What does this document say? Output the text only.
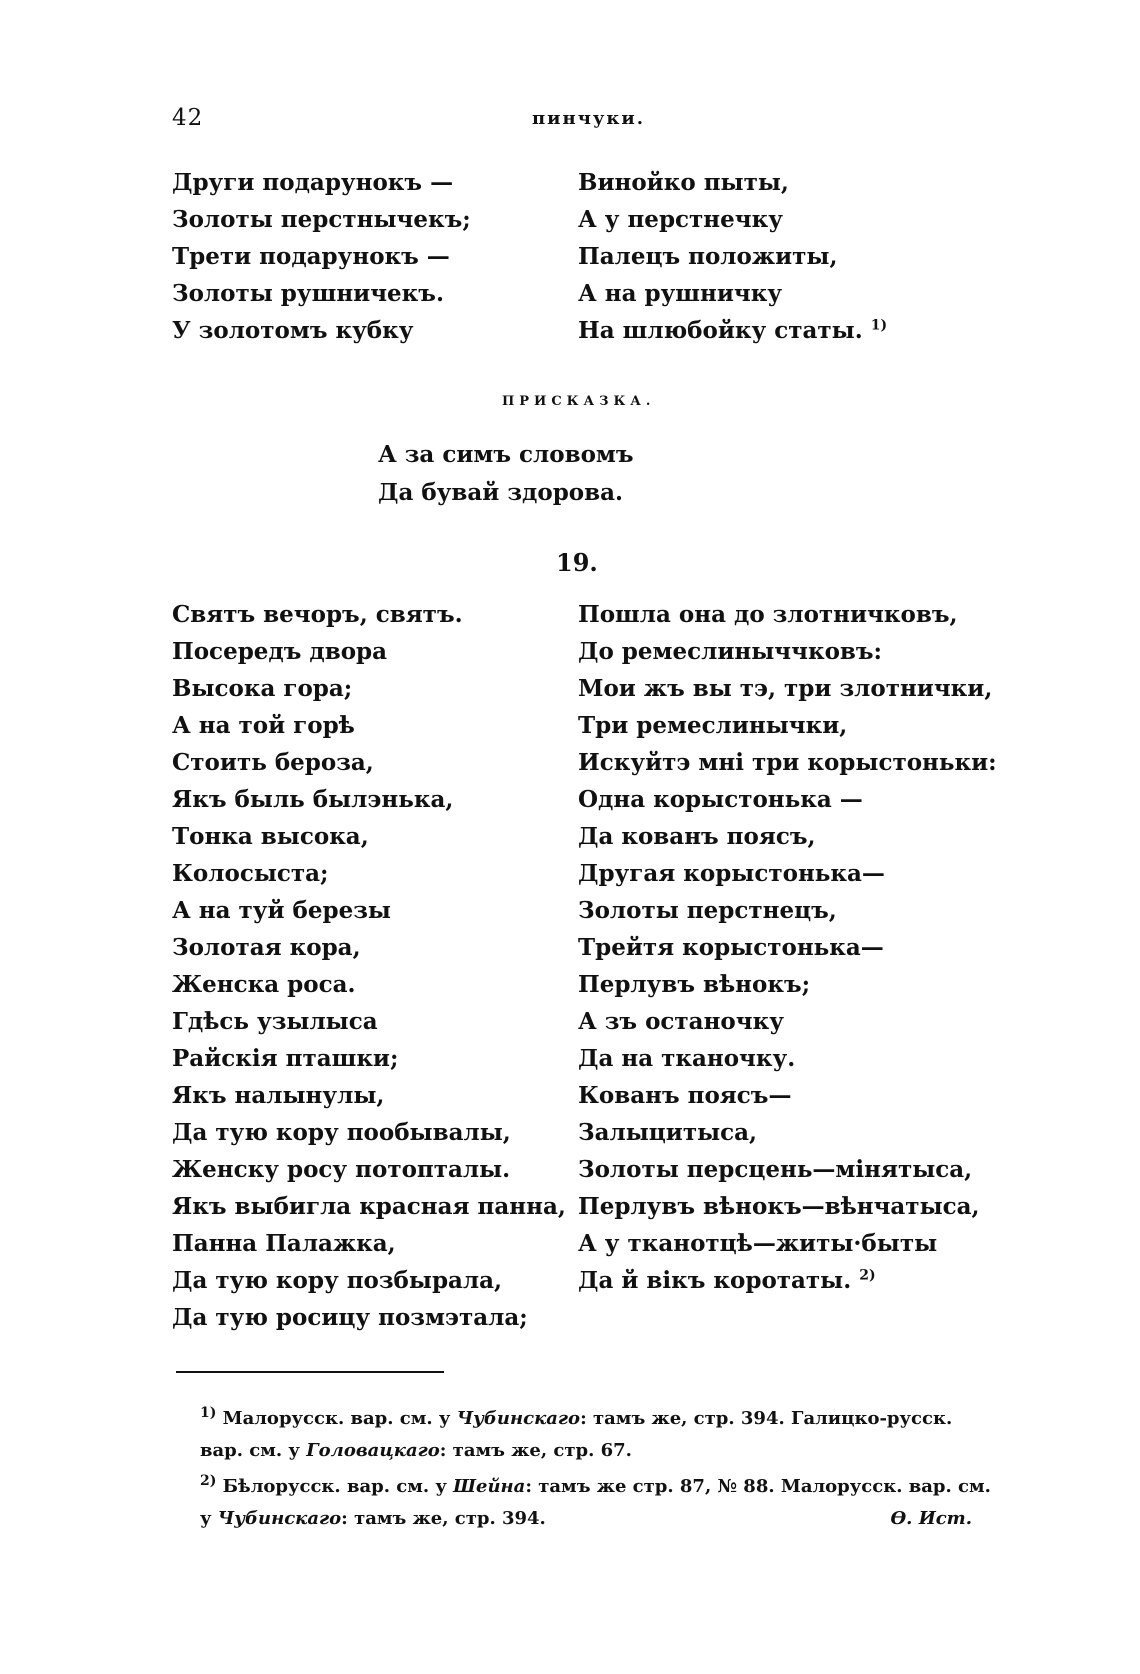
42	пинчуки.
Други подарунокъ —
Золоты перстнычекъ;
Трети подарунокъ —
Золоты рушничекъ.
У золотомъ кубку
Винойко пыты,
А у перстнечку
Палецъ положиты,
А на рушничку
На шлюбойку статы. $^{1)}$
ПРИСКАЗКА.
А за симъ словомъ
Да бувай здорова.
19.
Святъ вечоръ, святъ.
Посередъ двора
Высока гора;
А на той горѣ
Стоить бероза,
Якъ быль былэнька,
Тонка высока,
Колосыста;
А на туй березы
Золотая кора,
Женска роса.
Гдѣсь узылыса
Райскія пташки;
Якъ налынулы,
Да тую кору пообывалы,
Женску росу потопталы.
Якъ выбигла красная панна,
Панна Палажка,
Да тую кору позбырала,
Да тую росицу позмэтала;
Пошла она до злотничковъ,
До ремеслиныччковъ:
Мои жъ вы тэ, три злотнички,
Три ремеслинычки,
Искуйтэ мні три корыстоньки:
Одна корыстонька —
Да кованъ поясъ,
Другая корыстонька—
Золоты перстнецъ,
Трейтя корыстонька—
Перлувъ вѣнокъ;
А зъ останочку
Да на тканочку.
Кованъ поясъ—
Залыцитыса,
Золоты персцень—мінятыса,
Перлувъ вѣнокъ—вѣнчатыса,
А у тканотцѣ—житы·быты
Да й вікъ коротаты. $^{2)}$
$^{1)}$ Малорусск. вар. см. у Чубинскаго: тамъ же, стр. 394. Галицко-русск. вар. см. у Головацкаго: тамъ же, стр. 67.
$^{2)}$ Бѣлорусск. вар. см. у Шейна: тамъ же стр. 87, № 88. Малорусск. вар. см. у Чубинскаго: тамъ же, стр. 394.	Ѳ. Ист.
